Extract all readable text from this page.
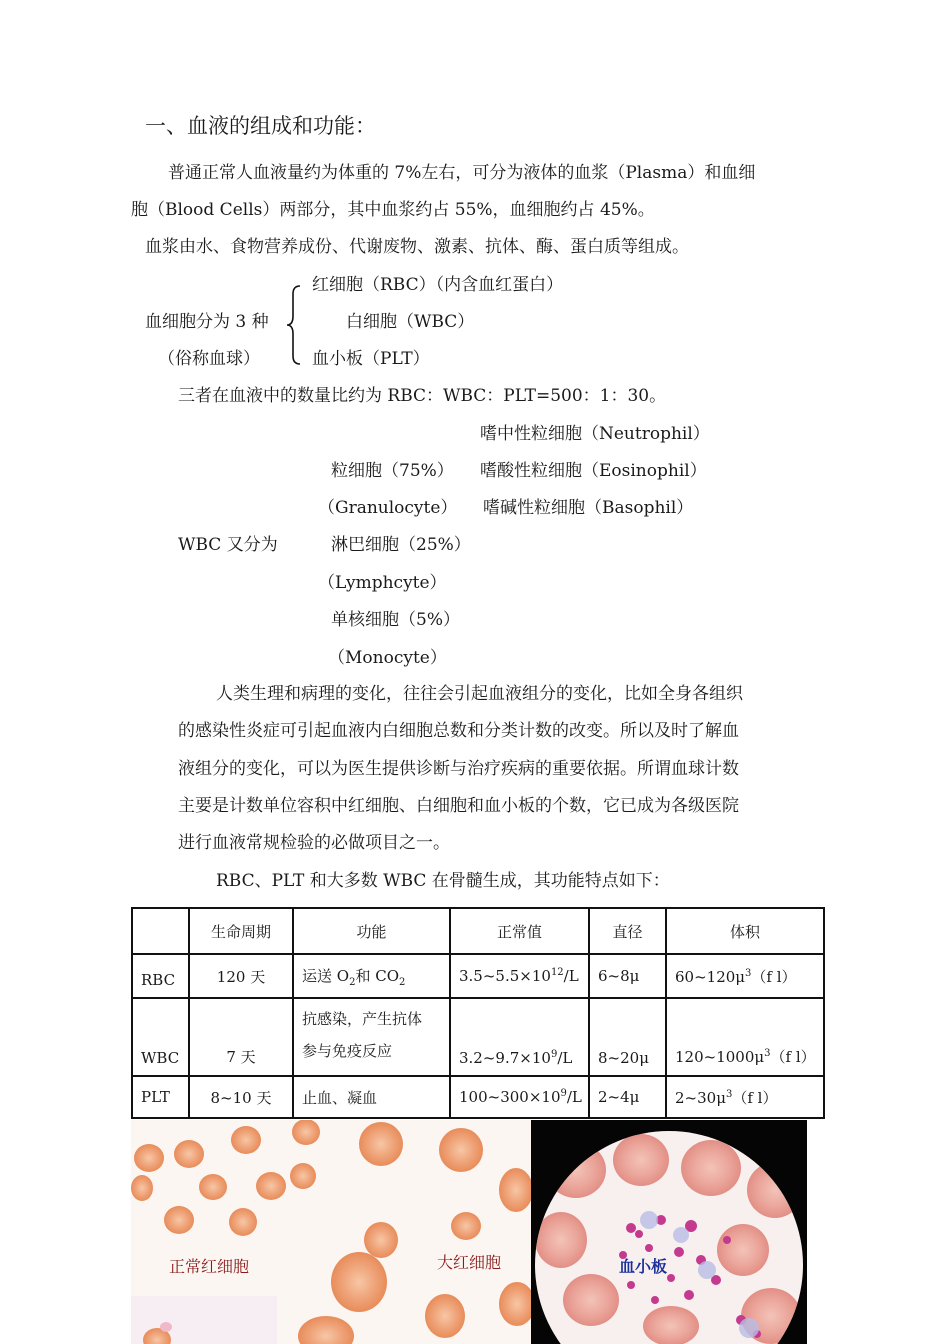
一、血液的组成和功能：
普通正常人血液量约为体重的 7%左右，可分为液体的血浆（Plasma）和血细
胞（Blood Cells）两部分，其中血浆约占 55%，血细胞约占 45%。
血浆由水、食物营养成份、代谢废物、激素、抗体、酶、蛋白质等组成。
红细胞（RBC）（内含血红蛋白）
血细胞分为 3 种	白细胞（WBC）
（俗称血球）	血小板（PLT）
三者在血液中的数量比约为 RBC：WBC：PLT=500：1：30。
嗜中性粒细胞（Neutrophil）
粒细胞（75%） 嗜酸性粒细胞（Eosinophil）
（Granulocyte） 嗜碱性粒细胞（Basophil）
WBC 又分为	淋巴细胞（25%）
（Lymphcyte）
单核细胞（5%）
（Monocyte）
人类生理和病理的变化，往往会引起血液组分的变化，比如全身各组织
的感染性炎症可引起血液内白细胞总数和分类计数的改变。所以及时了解血
液组分的变化，可以为医生提供诊断与治疗疾病的重要依据。所谓血球计数
主要是计数单位容积中红细胞、白细胞和血小板的个数，它已成为各级医院
进行血液常规检验的必做项目之一。
RBC、PLT 和大多数 WBC 在骨髓生成，其功能特点如下：
	生命周期	功能	正常值	直径	体积
RBC	120 天	运送 $O_2$和 $CO_2$	$3.5\sim 5.5\times 10^{12}/L$	6~8μ	$60\sim 120\mu^3(f$ l）
WBC	7 天	抗感染，产生抗体
参与免疫反应	$3.2\sim 9.7\times 10^9/L$	8~20μ	$120\sim 1000\mu^3(f$ l）
PLT	8~10 天	止血、凝血	$100\sim 300\times 10^9/L$	2~4μ	$2\sim 30\mu^3(f$ l）
正常红细胞	大红细胞	血小板
